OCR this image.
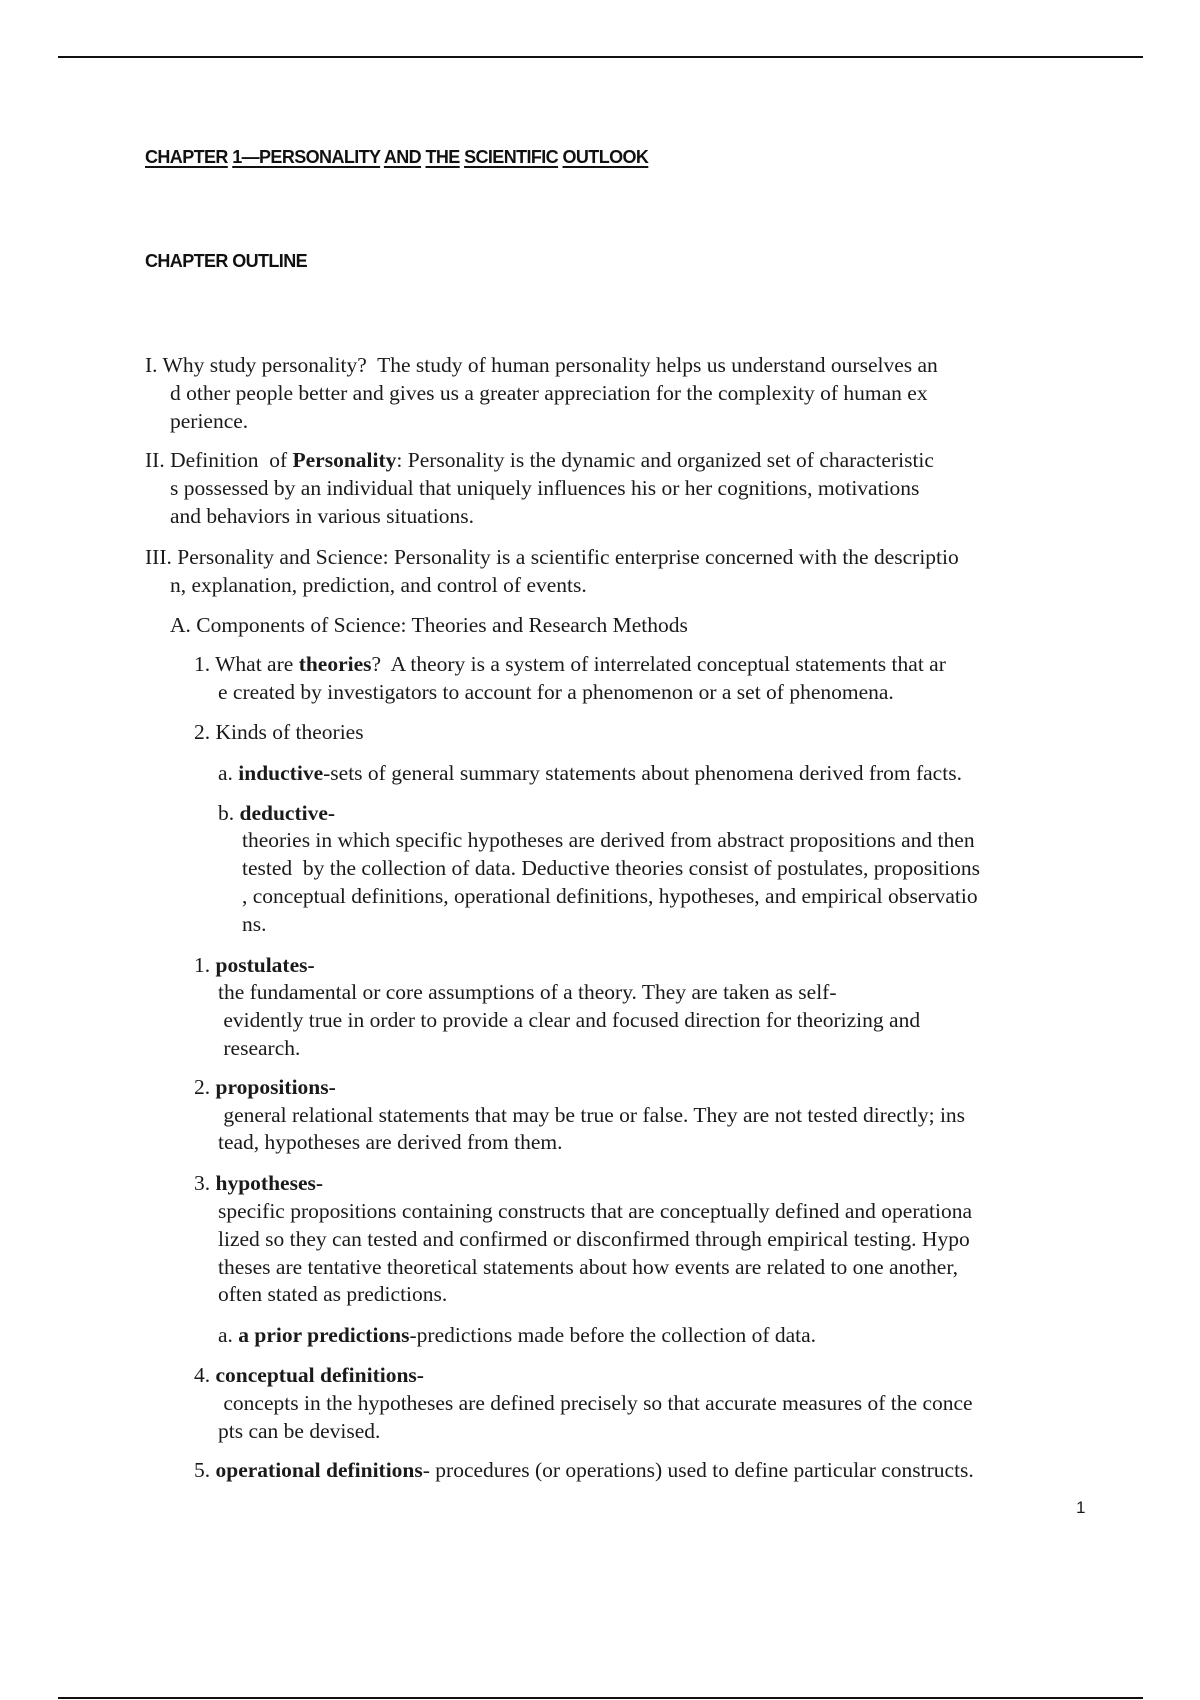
CHAPTER 1—PERSONALITY AND THE SCIENTIFIC OUTLOOK
CHAPTER OUTLINE
I. Why study personality?  The study of human personality helps us understand ourselves an
d other people better and gives us a greater appreciation for the complexity of human ex
perience.
II. Definition  of Personality: Personality is the dynamic and organized set of characteristic
s possessed by an individual that uniquely influences his or her cognitions, motivations
and behaviors in various situations.
III. Personality and Science: Personality is a scientific enterprise concerned with the descriptio
n, explanation, prediction, and control of events.
A. Components of Science: Theories and Research Methods
1. What are theories?  A theory is a system of interrelated conceptual statements that ar
e created by investigators to account for a phenomenon or a set of phenomena.
2. Kinds of theories
a. inductive-sets of general summary statements about phenomena derived from facts.
b. deductive-
theories in which specific hypotheses are derived from abstract propositions and then
tested  by the collection of data. Deductive theories consist of postulates, propositions
, conceptual definitions, operational definitions, hypotheses, and empirical observatio
ns.
1. postulates-
the fundamental or core assumptions of a theory. They are taken as self-
evidently true in order to provide a clear and focused direction for theorizing and
research.
2. propositions-
general relational statements that may be true or false. They are not tested directly; ins
tead, hypotheses are derived from them.
3. hypotheses-
specific propositions containing constructs that are conceptually defined and operationa
lized so they can tested and confirmed or disconfirmed through empirical testing. Hypo
theses are tentative theoretical statements about how events are related to one another,
often stated as predictions.
a. a prior predictions-predictions made before the collection of data.
4. conceptual definitions-
concepts in the hypotheses are defined precisely so that accurate measures of the conce
pts can be devised.
5. operational definitions- procedures (or operations) used to define particular constructs.
1
